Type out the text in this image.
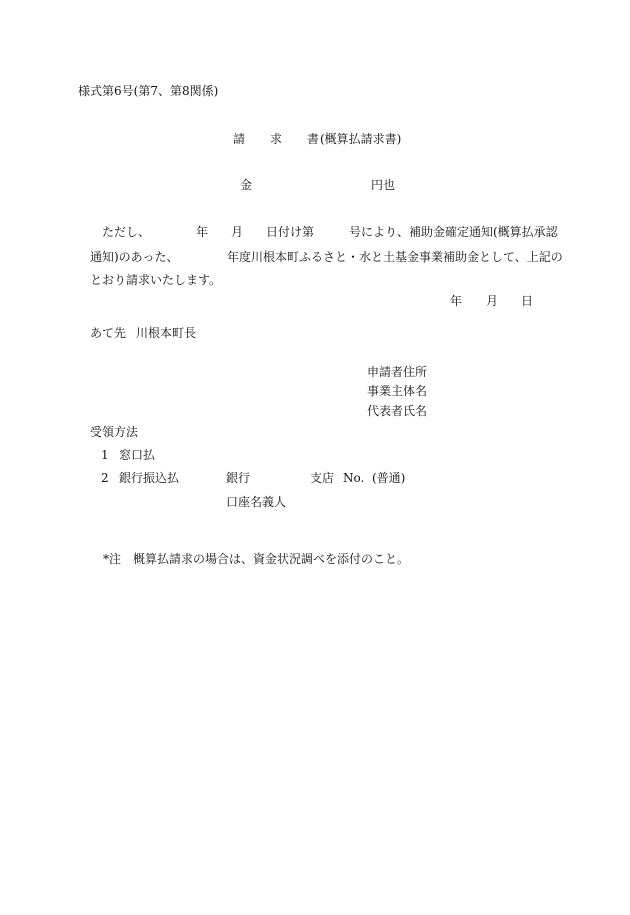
様式第6号(第7、第8関係)
請 求 書 (概算払請求書)
金	円也
ただし、	年 月 日付け第	号により、補助金確定通知(概算払承認
通知)のあった、	年度川根本町ふるさと・水と土基金事業補助金として、上記の
とおり請求いたします。
年 月 日
あて先 川根本町長
申請者住所
事業主体名
代表者氏名
受領方法
1 窓口払
2 銀行振込払	銀行	支店 No. (普通)
口座名義人
*注　概算払請求の場合は、資金状況調べを添付のこと。
